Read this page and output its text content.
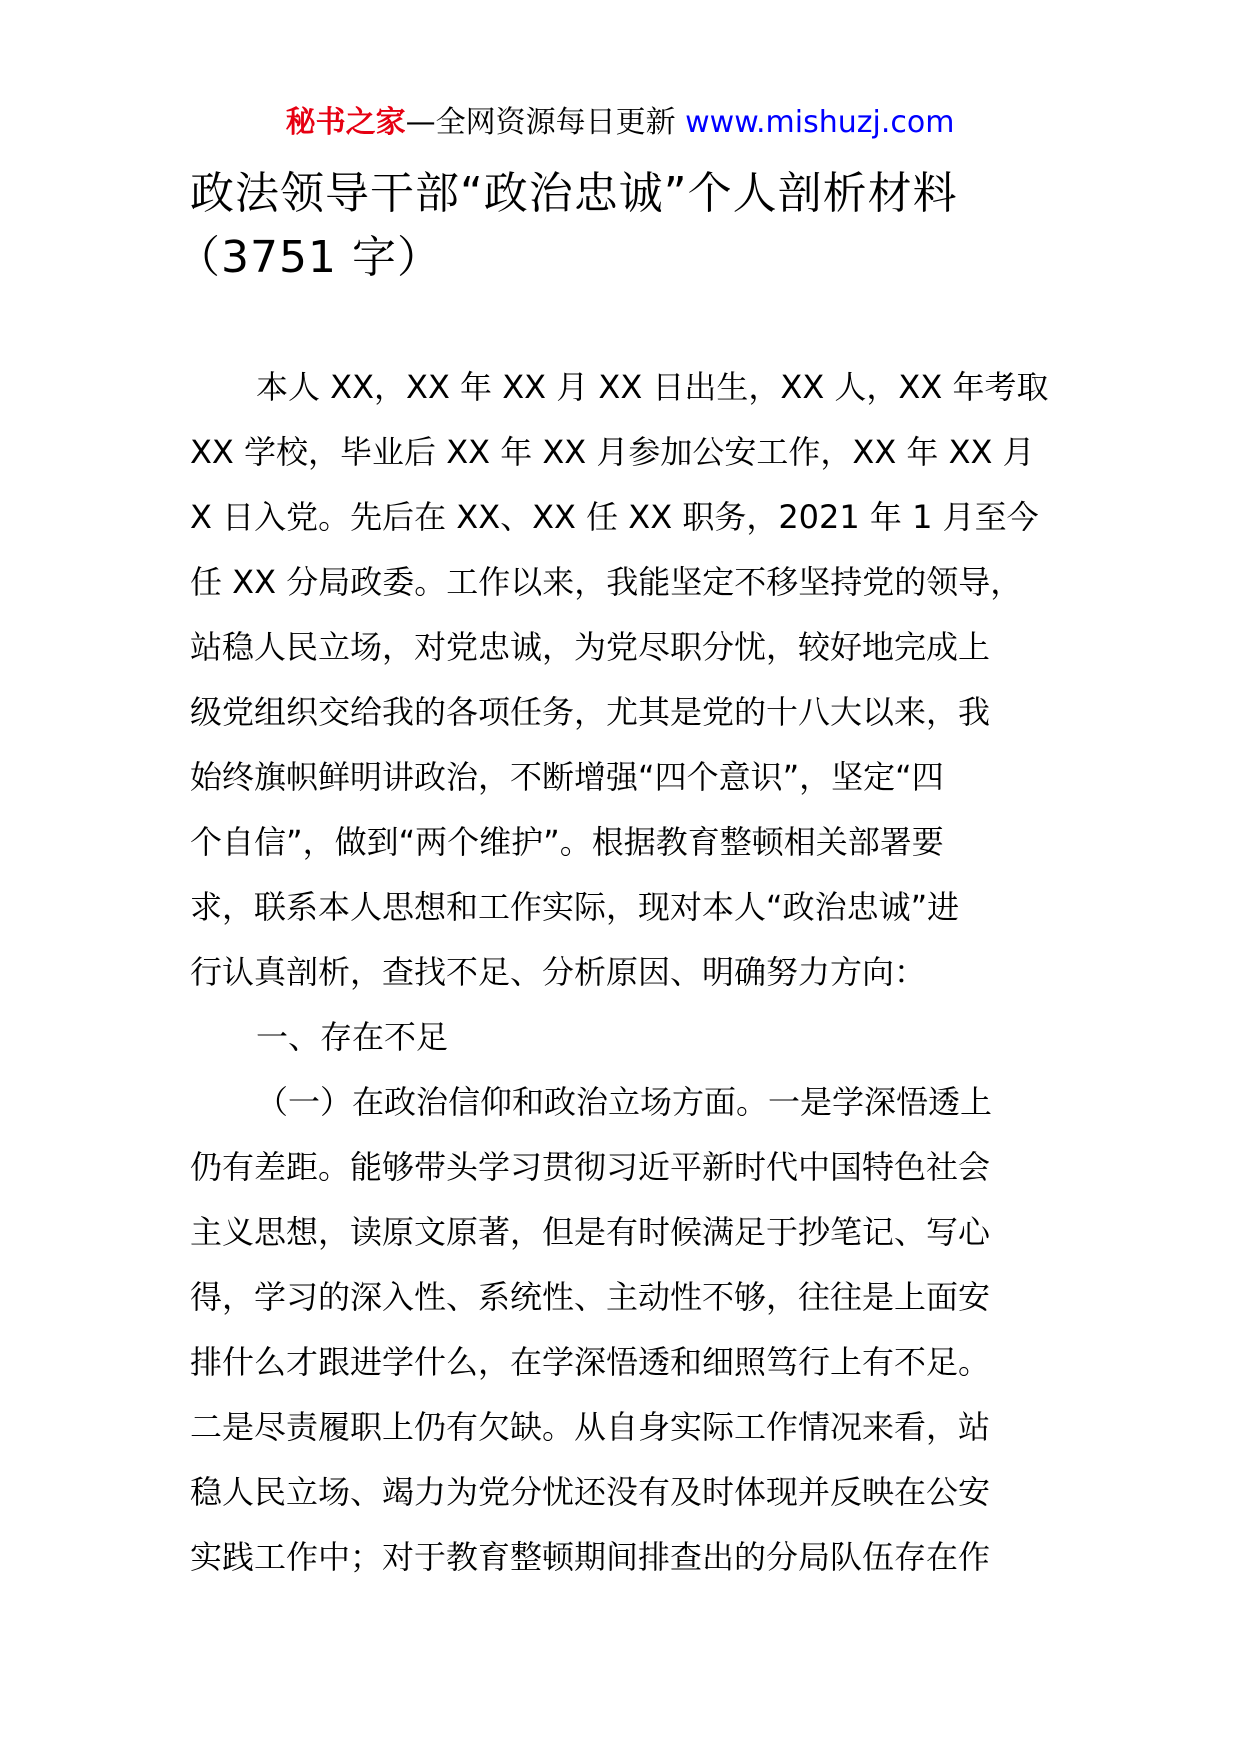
秘书之家—全网资源每日更新 www.mishuzj.com
政法领导干部“政治忠诚”个人剖析材料
（3751 字）
本人 XX，XX 年 XX 月 XX 日出生，XX 人，XX 年考取
XX 学校，毕业后 XX 年 XX 月参加公安工作，XX 年 XX 月
X 日入党。先后在 XX、XX 任 XX 职务，2021 年 1 月至今
任 XX 分局政委。工作以来，我能坚定不移坚持党的领导，
站稳人民立场，对党忠诚，为党尽职分忧，较好地完成上
级党组织交给我的各项任务，尤其是党的十八大以来，我
始终旗帜鲜明讲政治，不断增强“四个意识”，坚定“四
个自信”，做到“两个维护”。根据教育整顿相关部署要
求，联系本人思想和工作实际，现对本人“政治忠诚”进
行认真剖析，查找不足、分析原因、明确努力方向：
一、存在不足
（一）在政治信仰和政治立场方面。一是学深悟透上
仍有差距。能够带头学习贯彻习近平新时代中国特色社会
主义思想，读原文原著，但是有时候满足于抄笔记、写心
得，学习的深入性、系统性、主动性不够，往往是上面安
排什么才跟进学什么，在学深悟透和细照笃行上有不足。
二是尽责履职上仍有欠缺。从自身实际工作情况来看，站
稳人民立场、竭力为党分忧还没有及时体现并反映在公安
实践工作中；对于教育整顿期间排查出的分局队伍存在作
